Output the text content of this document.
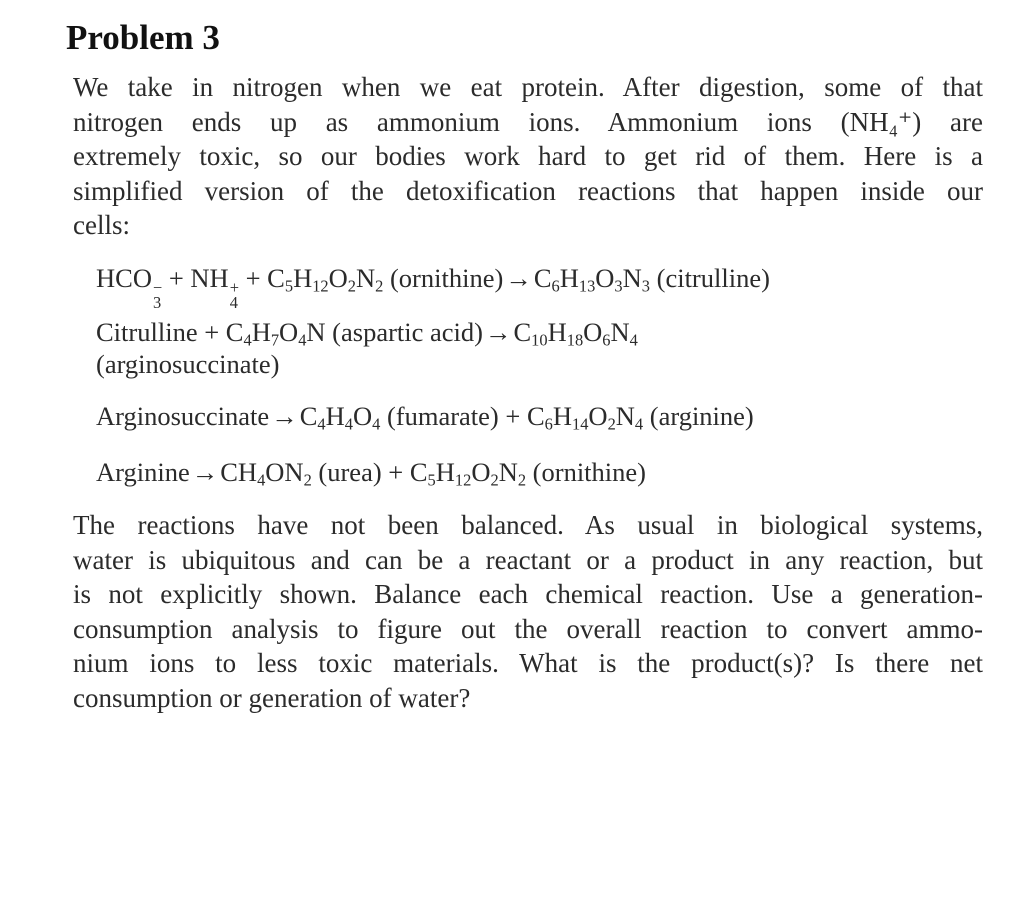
Problem 3

We take in nitrogen when we eat protein. After digestion, some of that
nitrogen ends up as ammonium ions. Ammonium ions (NH₄⁺) are
extremely toxic, so our bodies work hard to get rid of them. Here is a
simplified version of the detoxification reactions that happen inside our
cells:

HCO −
3
+ NH +
4
+ $C_5H_{12}O_2N_2$ $(ornithine)\to C_6H_{13}O_3N_3$ (citrulline)
Citrulline + $C_4H_7O_4N$ (aspartic $acid)\to C_{10}H_{18}O_6N_4$
(arginosuccinate)
$Arginosuccinate\to C_4H_4O_4$ (fumarate) + $C_6H_{14}O_2N_4$ (arginine)
$Arginine\to CH_4ON_2$ (urea) + $C_5H_{12}O_2N_2$ (ornithine)

The reactions have not been balanced. As usual in biological systems,
water is ubiquitous and can be a reactant or a product in any reaction, but
is not explicitly shown. Balance each chemical reaction. Use a generation-
consumption analysis to figure out the overall reaction to convert ammo-
nium ions to less toxic materials. What is the product(s)? Is there net
consumption or generation of water?
